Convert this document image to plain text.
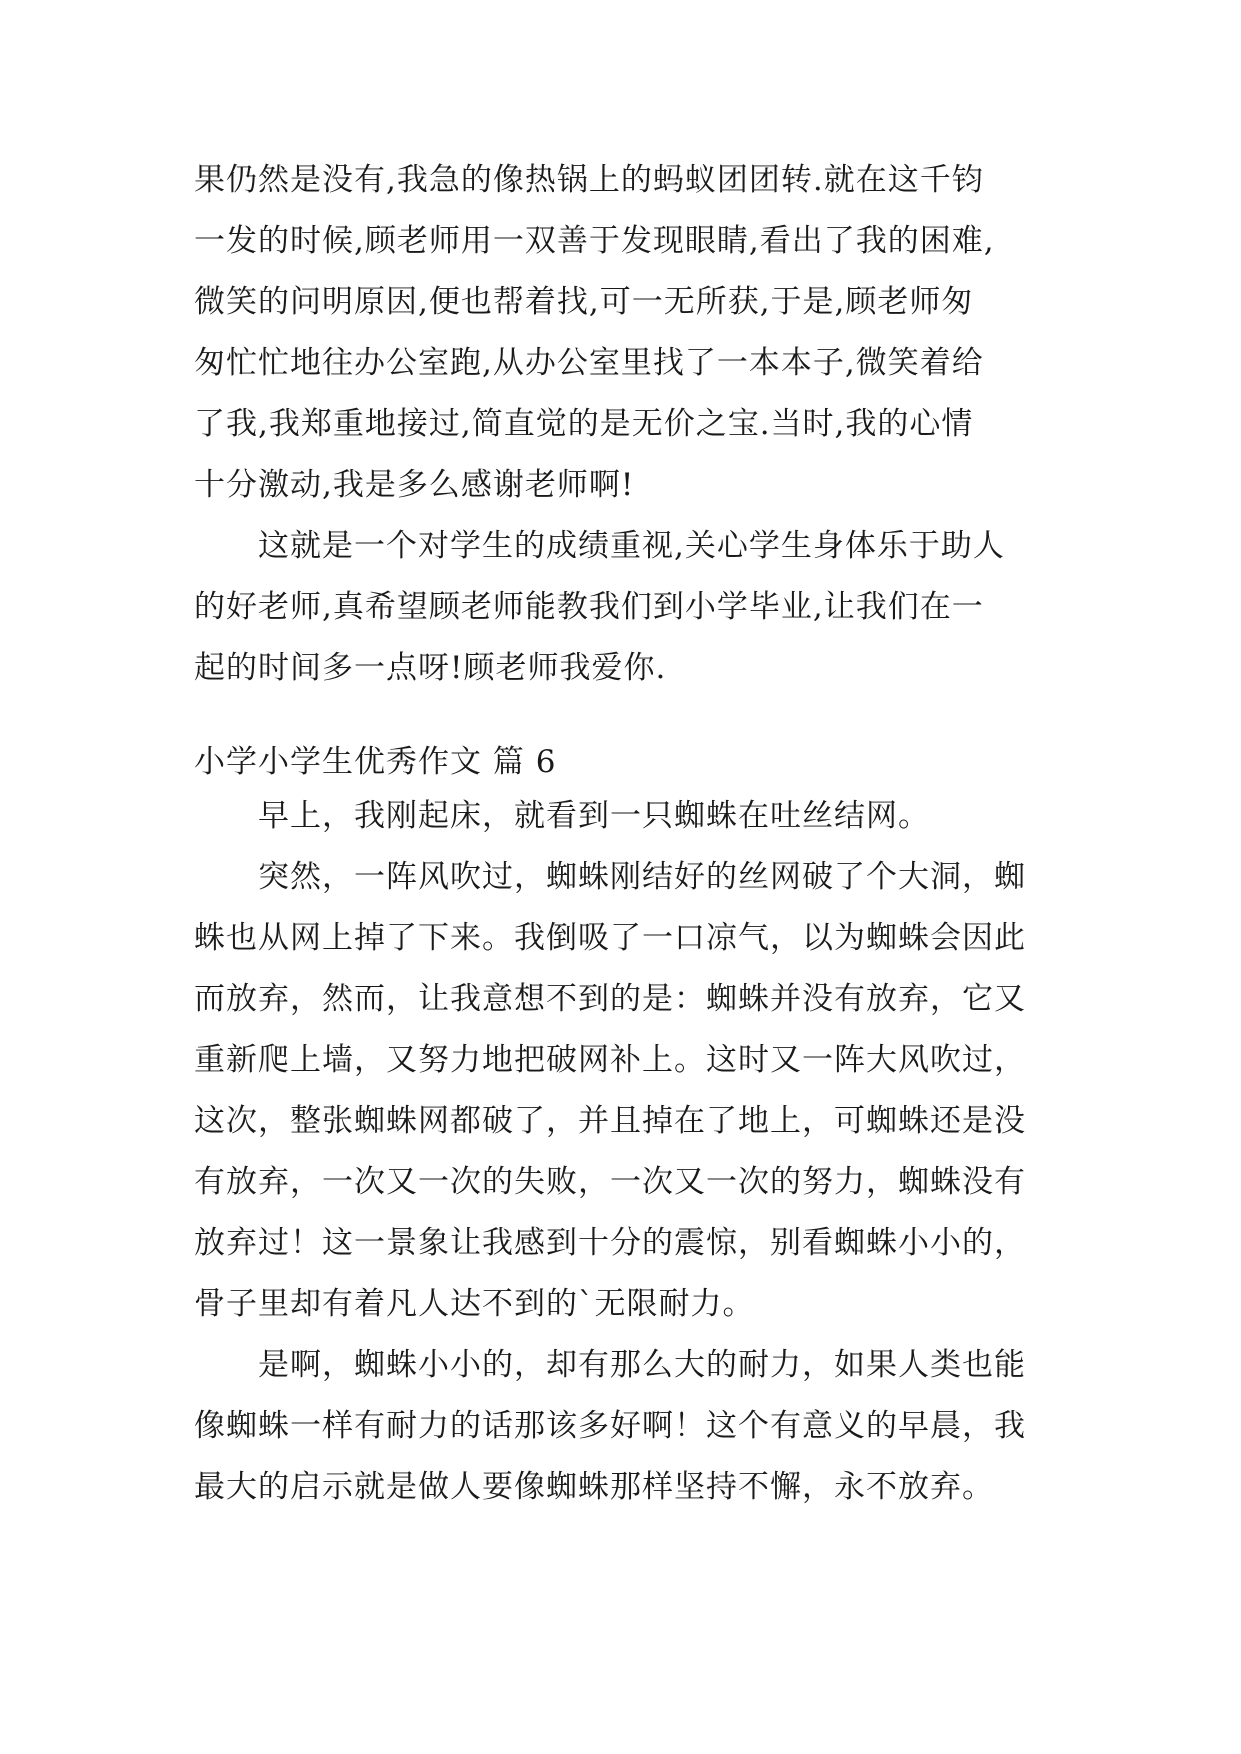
果仍然是没有,我急的像热锅上的蚂蚁团团转.就在这千钧
一发的时候,顾老师用一双善于发现眼睛,看出了我的困难,
微笑的问明原因,便也帮着找,可一无所获,于是,顾老师匆
匆忙忙地往办公室跑,从办公室里找了一本本子,微笑着给
了我,我郑重地接过,简直觉的是无价之宝.当时,我的心情
十分激动,我是多么感谢老师啊!
这就是一个对学生的成绩重视,关心学生身体乐于助人
的好老师,真希望顾老师能教我们到小学毕业,让我们在一
起的时间多一点呀!顾老师我爱你.
小学小学生优秀作文 篇 6
早上，我刚起床，就看到一只蜘蛛在吐丝结网。
突然，一阵风吹过，蜘蛛刚结好的丝网破了个大洞，蜘
蛛也从网上掉了下来。我倒吸了一口凉气，以为蜘蛛会因此
而放弃，然而，让我意想不到的是：蜘蛛并没有放弃，它又
重新爬上墙，又努力地把破网补上。这时又一阵大风吹过，
这次，整张蜘蛛网都破了，并且掉在了地上，可蜘蛛还是没
有放弃，一次又一次的失败，一次又一次的努力，蜘蛛没有
放弃过！这一景象让我感到十分的震惊，别看蜘蛛小小的，
骨子里却有着凡人达不到的`无限耐力。
是啊，蜘蛛小小的，却有那么大的耐力，如果人类也能
像蜘蛛一样有耐力的话那该多好啊！这个有意义的早晨，我
最大的启示就是做人要像蜘蛛那样坚持不懈，永不放弃。
